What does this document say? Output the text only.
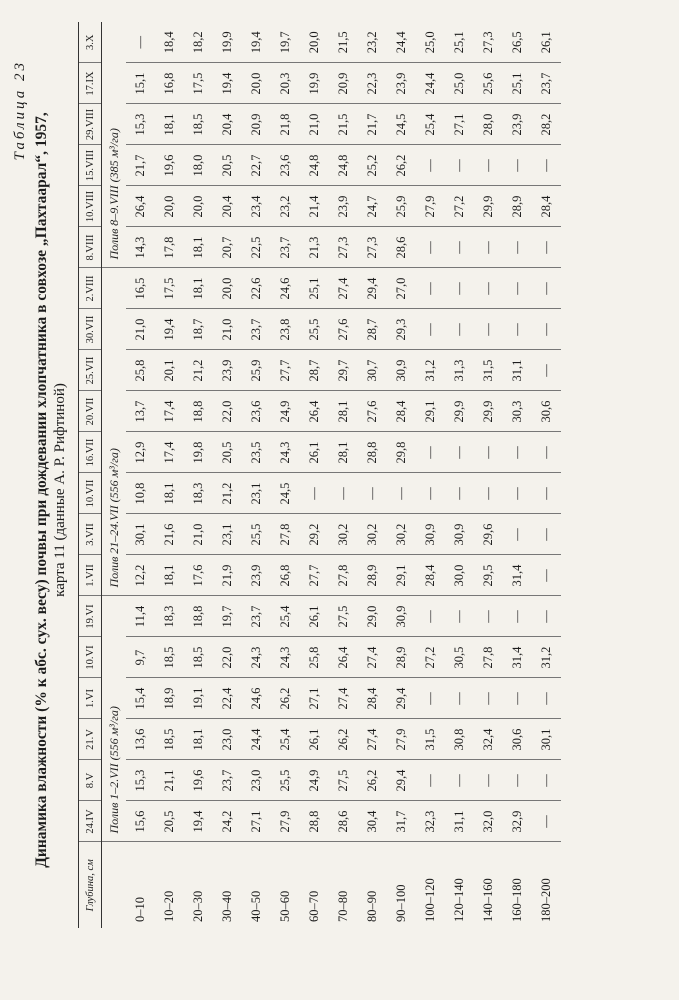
Таблица 23
Динамика влажности (% к абс. сух. весу) почвы при дождевании хлопчатника в совхозе „Пахтаарал“, 1957, карта 11 (данные А. Р. Рифтиной)
Глубина, см	24.IV	8.V	21.V	1.VI	10.VI	19.VI	1.VII	3.VII	10.VII	16.VII	20.VII	25.VII	30.VII	2.VIII	8.VIII	10.VIII	15.VIII	29.VIII	17.IX	3.X
	Полив 1–2.VII (556 м³/га)						Полив 21–24.VII (556 м³/га)								Полив 8–9.VIII (385 м³/га)					
0–10	15,6	15,3	13,6	15,4	9,7	11,4	12,2	30,1	10,8	12,9	13,7	25,8	21,0	16,5	14,3	26,4	21,7	15,3	15,1	—
10–20	20,5	21,1	18,5	18,9	18,5	18,3	18,1	21,6	18,1	17,4	17,4	20,1	19,4	17,5	17,8	20,0	19,6	18,1	16,8	18,4
20–30	19,4	19,6	18,1	19,1	18,5	18,8	17,6	21,0	18,3	19,8	18,8	21,2	18,7	18,1	18,1	20,0	18,0	18,5	17,5	18,2
30–40	24,2	23,7	23,0	22,4	22,0	19,7	21,9	23,1	21,2	20,5	22,0	23,9	21,0	20,0	20,7	20,4	20,5	20,4	19,4	19,9
40–50	27,1	23,0	24,4	24,6	24,3	23,7	23,9	25,5	23,1	23,5	23,6	25,9	23,7	22,6	22,5	23,4	22,7	20,9	20,0	19,4
50–60	27,9	25,5	25,4	26,2	24,3	25,4	26,8	27,8	24,5	24,3	24,9	27,7	23,8	24,6	23,7	23,2	23,6	21,8	20,3	19,7
60–70	28,8	24,9	26,1	27,1	25,8	26,1	27,7	29,2	—	26,1	26,4	28,7	25,5	25,1	21,3	21,4	24,8	21,0	19,9	20,0
70–80	28,6	27,5	26,2	27,4	26,4	27,5	27,8	30,2	—	28,1	28,1	29,7	27,6	27,4	27,3	23,9	24,8	21,5	20,9	21,5
80–90	30,4	26,2	27,4	28,4	27,4	29,0	28,9	30,2	—	28,8	27,6	30,7	28,7	29,4	27,3	24,7	25,2	21,7	22,3	23,2
90–100	31,7	29,4	27,9	29,4	28,9	30,9	29,1	30,2	—	29,8	28,4	30,9	29,3	27,0	28,6	25,9	26,2	24,5	23,9	24,4
100–120	32,3	—	31,5	—	27,2	—	28,4	30,9	—	—	29,1	31,2	—	—	—	27,9	—	25,4	24,4	25,0
120–140	31,1	—	30,8	—	30,5	—	30,0	30,9	—	—	29,9	31,3	—	—	—	27,2	—	27,1	25,0	25,1
140–160	32,0	—	32,4	—	27,8	—	29,5	29,6	—	—	29,9	31,5	—	—	—	29,9	—	28,0	25,6	27,3
160–180	32,9	—	30,6	—	31,4	—	31,4	—	—	—	30,3	31,1	—	—	—	28,9	—	23,9	25,1	26,5
180–200	—	—	30,1	—	31,2	—	—	—	—	—	30,6	—	—	—	—	28,4	—	28,2	23,7	26,1
